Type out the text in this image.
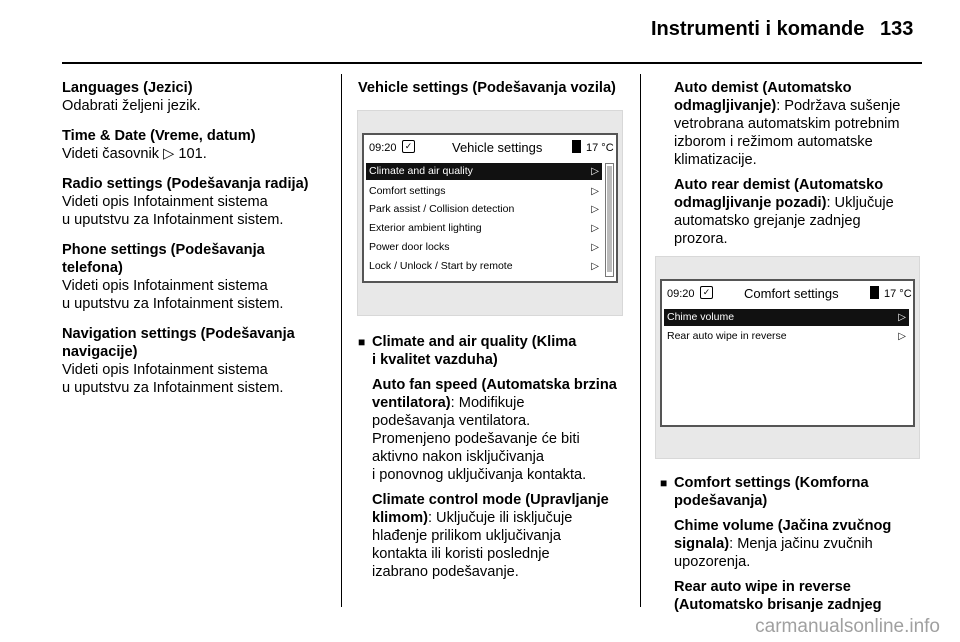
Instrumenti i komande 133

Languages (Jezici)

Odabrati željeni jezik.

Time & Date (Vreme, datum)

Videti časovnik ▷ 101.

Radio settings (Podešavanja radija)

Videti opis Infotainment sistema

u uputstvu za Infotainment sistem.

Phone settings (Podešavanja

telefona)

Videti opis Infotainment sistema

u uputstvu za Infotainment sistem.

Navigation settings (Podešavanja

navigacije)

Videti opis Infotainment sistema

u uputstvu za Infotainment sistem.

Vehicle settings (Podešavanja vozila)

09:20 ✓	Vehicle settings	17 °C
Climate and air quality	▷
Comfort settings	▷
Park assist / Collision detection	▷
Exterior ambient lighting	▷
Power door locks	▷
Lock / Unlock / Start by remote	▷
■ Climate and air quality (Klima

i kvalitet vazduha)

Auto fan speed (Automatska brzina

ventilatora): Modifikuje

podešavanja ventilatora.

Promenjeno podešavanje će biti

aktivno nakon isključivanja

i ponovnog uključivanja kontakta.

Climate control mode (Upravljanje

klimom): Uključuje ili isključuje

hlađenje prilikom uključivanja

kontakta ili koristi poslednje

izabrano podešavanje.

Auto demist (Automatsko

odmagljivanje): Podržava sušenje

vetrobrana automatskim potrebnim

izborom i režimom automatske

klimatizacije.

Auto rear demist (Automatsko

odmagljivanje pozadi): Uključuje

automatsko grejanje zadnjeg

prozora.

09:20 ✓	Comfort settings	17 °C
Chime volume	▷
Rear auto wipe in reverse	▷
■ Comfort settings (Komforna

podešavanja)

Chime volume (Jačina zvučnog

signala): Menja jačinu zvučnih

upozorenja.

Rear auto wipe in reverse

(Automatsko brisanje zadnjeg

carmanualsonline.info
